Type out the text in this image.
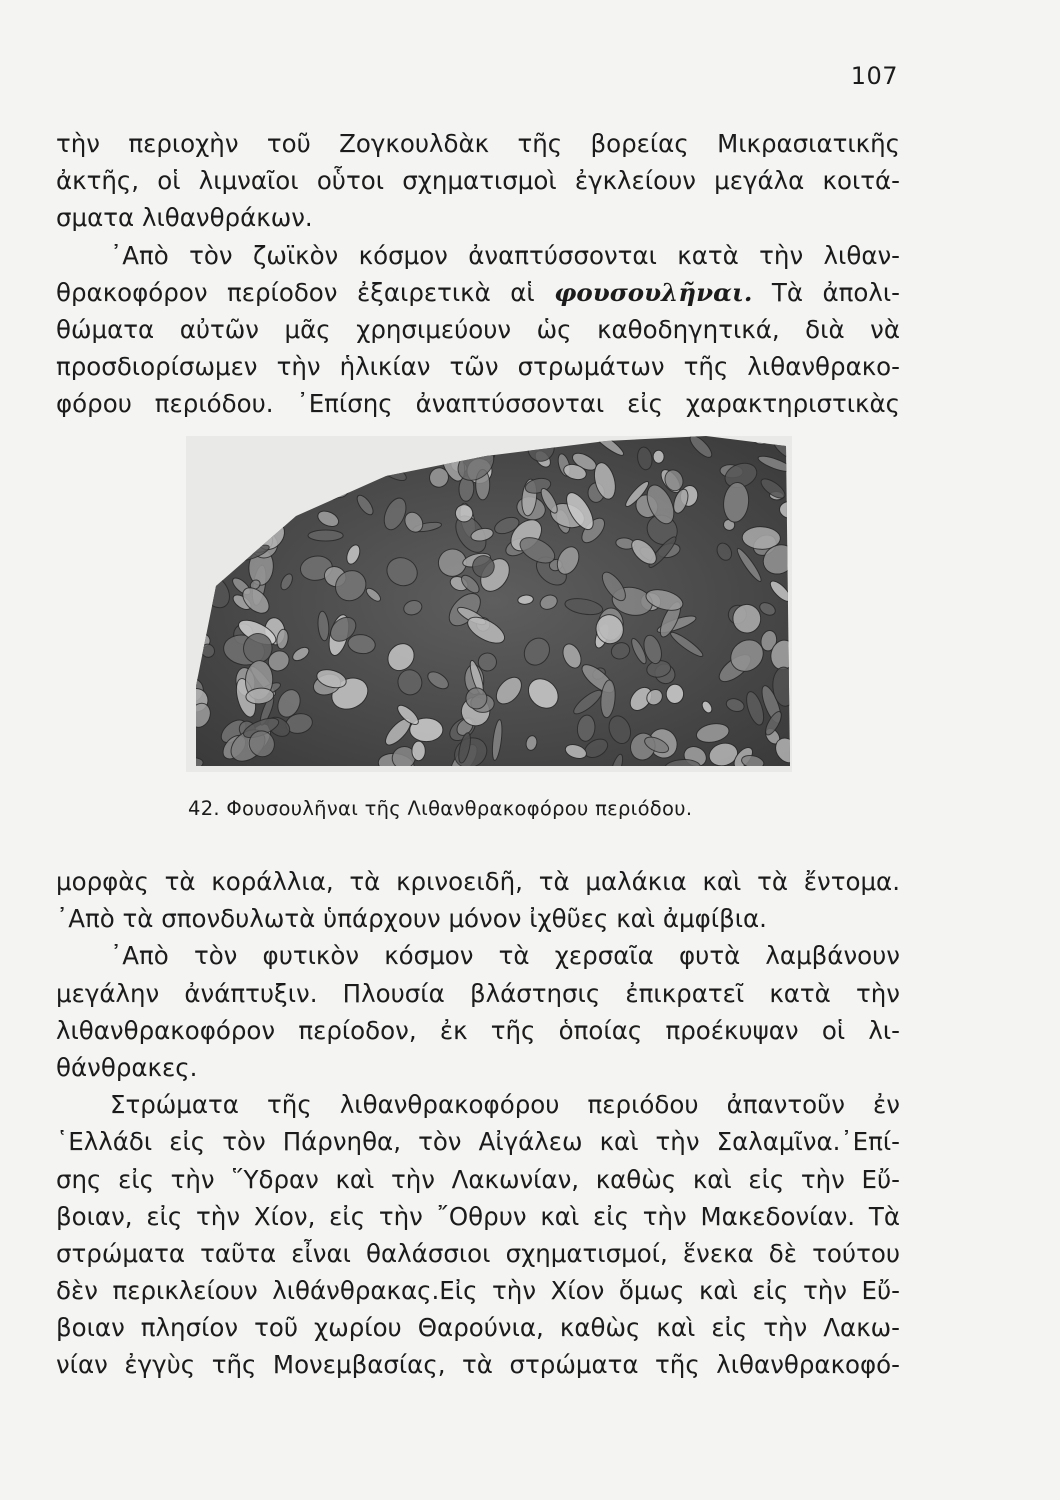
107
τὴν περιοχὴν τοῦ Ζογκουλδὰκ τῆς βορείας Μικρασιατικῆς
ἀκτῆς, οἱ λιμναῖοι οὗτοι σχηματισμοὶ ἐγκλείουν μεγάλα κοιτά-
σματα λιθανθράκων.
᾿Απὸ τὸν ζωϊκὸν κόσμον ἀναπτύσσονται κατὰ τὴν λιθαν-
θρακοφόρον περίοδον ἐξαιρετικὰ αἱ φουσουλῆναι. Τὰ ἀπολι-
θώματα αὐτῶν μᾶς χρησιμεύουν ὡς καθοδηγητικά, διὰ νὰ
προσδιορίσωμεν τὴν ἡλικίαν τῶν στρωμάτων τῆς λιθανθρακο-
φόρου περιόδου. ᾿Επίσης ἀναπτύσσονται εἰς χαρακτηριστικὰς
42. Φουσουλῆναι τῆς Λιθανθρακοφόρου περιόδου.
μορφὰς τὰ κοράλλια, τὰ κρινοειδῆ, τὰ μαλάκια καὶ τὰ ἔντομα.
᾿Απὸ τὰ σπονδυλωτὰ ὑπάρχουν μόνον ἰχθῦες καὶ ἀμφίβια.
᾿Απὸ τὸν φυτικὸν κόσμον τὰ χερσαῖα φυτὰ λαμβάνουν
μεγάλην ἀνάπτυξιν. Πλουσία βλάστησις ἐπικρατεῖ κατὰ τὴν
λιθανθρακοφόρον περίοδον, ἐκ τῆς ὁποίας προέκυψαν οἱ λι-
θάνθρακες.
Στρώματα τῆς λιθανθρακοφόρου περιόδου ἀπαντοῦν ἐν
῾Ελλάδι εἰς τὸν Πάρνηθα, τὸν Αἰγάλεω καὶ τὴν Σαλαμῖνα.᾿Επί-
σης εἰς τὴν ῞Υδραν καὶ τὴν Λακωνίαν, καθὼς καὶ εἰς τὴν Εὔ-
βοιαν, εἰς τὴν Χίον, εἰς τὴν ῎Οθρυν καὶ εἰς τὴν Μακεδονίαν. Τὰ
στρώματα ταῦτα εἶναι θαλάσσιοι σχηματισμοί, ἕνεκα δὲ τούτου
δὲν περικλείουν λιθάνθρακας.Εἰς τὴν Χίον ὅμως καὶ εἰς τὴν Εὔ-
βοιαν πλησίον τοῦ χωρίου Θαρούνια, καθὼς καὶ εἰς τὴν Λακω-
νίαν ἐγγὺς τῆς Μονεμβασίας, τὰ στρώματα τῆς λιθανθρακοφό-
